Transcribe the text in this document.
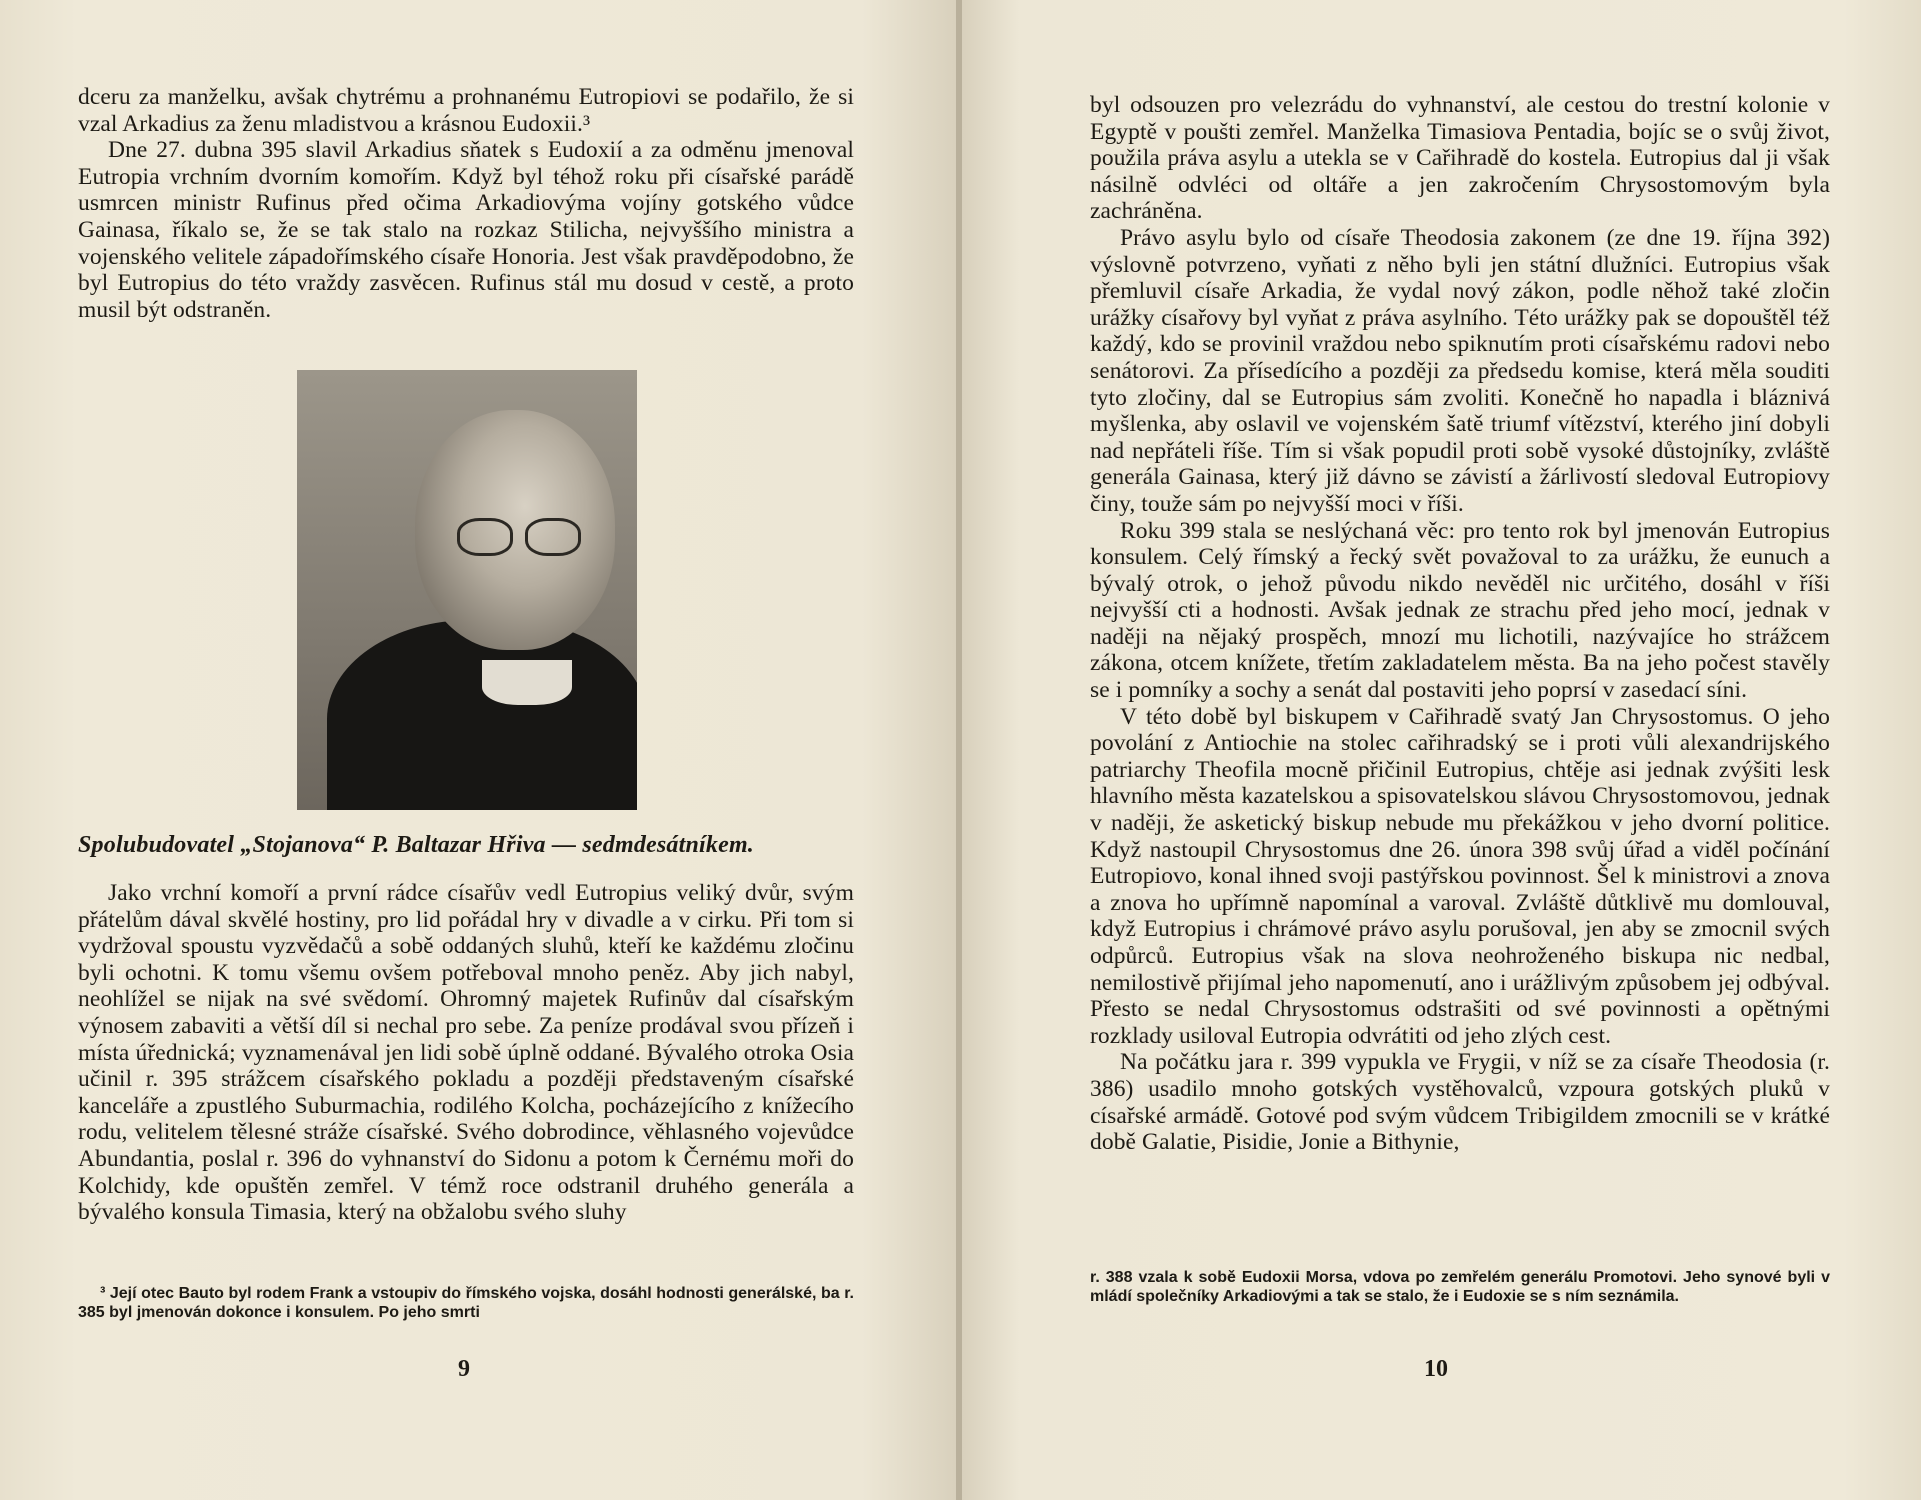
dceru za manželku, avšak chytrému a prohnanému Eutropiovi se podařilo, že si vzal Arkadius za ženu mladistvou a krásnou Eudoxii.³

Dne 27. dubna 395 slavil Arkadius sňatek s Eudoxií a za odměnu jmenoval Eutropia vrchním dvorním komořím. Když byl téhož roku při císařské parádě usmrcen ministr Rufinus před očima Arkadiovýma vojíny gotského vůdce Gainasa, říkalo se, že se tak stalo na rozkaz Stilicha, nejvyššího ministra a vojenského velitele západořímského císaře Honoria. Jest však pravděpodobno, že byl Eutropius do této vraždy zasvěcen. Rufinus stál mu dosud v cestě, a proto musil být odstraněn.

Spolubudovatel „Stojanova“ P. Baltazar Hřiva — sedmdesátníkem.

Jako vrchní komoří a první rádce císařův vedl Eutropius veliký dvůr, svým přátelům dával skvělé hostiny, pro lid pořádal hry v divadle a v cirku. Při tom si vydržoval spoustu vyzvědačů a sobě oddaných sluhů, kteří ke každému zločinu byli ochotni. K tomu všemu ovšem potřeboval mnoho peněz. Aby jich nabyl, neohlížel se nijak na své svědomí. Ohromný majetek Rufinův dal císařským výnosem zabaviti a větší díl si nechal pro sebe. Za peníze prodával svou přízeň i místa úřednická; vyznamenával jen lidi sobě úplně oddané. Bývalého otroka Osia učinil r. 395 strážcem císařského pokladu a později představeným císařské kanceláře a zpustlého Suburmachia, rodilého Kolcha, pocházejícího z knížecího rodu, velitelem tělesné stráže císařské. Svého dobrodince, věhlasného vojevůdce Abundantia, poslal r. 396 do vyhnanství do Sidonu a potom k Černému moři do Kolchidy, kde opuštěn zemřel. V témž roce odstranil druhého generála a bývalého konsula Timasia, který na obžalobu svého sluhy

³ Její otec Bauto byl rodem Frank a vstoupiv do římského vojska, dosáhl hodnosti generálské, ba r. 385 byl jmenován dokonce i konsulem. Po jeho smrti
9

byl odsouzen pro velezrádu do vyhnanství, ale cestou do trestní kolonie v Egyptě v poušti zemřel. Manželka Timasiova Pentadia, bojíc se o svůj život, použila práva asylu a utekla se v Cařihradě do kostela. Eutropius dal ji však násilně odvléci od oltáře a jen zakročením Chrysostomovým byla zachráněna.

Právo asylu bylo od císaře Theodosia zakonem (ze dne 19. října 392) výslovně potvrzeno, vyňati z něho byli jen státní dlužníci. Eutropius však přemluvil císaře Arkadia, že vydal nový zákon, podle něhož také zločin urážky císařovy byl vyňat z práva asylního. Této urážky pak se dopouštěl též každý, kdo se provinil vraždou nebo spiknutím proti císařskému radovi nebo senátorovi. Za přísedícího a později za předsedu komise, která měla souditi tyto zločiny, dal se Eutropius sám zvoliti. Konečně ho napadla i bláznivá myšlenka, aby oslavil ve vojenském šatě triumf vítězství, kterého jiní dobyli nad nepřáteli říše. Tím si však popudil proti sobě vysoké důstojníky, zvláště generála Gainasa, který již dávno se závistí a žárlivostí sledoval Eutropiovy činy, touže sám po nejvyšší moci v říši.

Roku 399 stala se neslýchaná věc: pro tento rok byl jmenován Eutropius konsulem. Celý římský a řecký svět považoval to za urážku, že eunuch a bývalý otrok, o jehož původu nikdo nevěděl nic určitého, dosáhl v říši nejvyšší cti a hodnosti. Avšak jednak ze strachu před jeho mocí, jednak v naději na nějaký prospěch, mnozí mu lichotili, nazývajíce ho strážcem zákona, otcem knížete, třetím zakladatelem města. Ba na jeho počest stavěly se i pomníky a sochy a senát dal postaviti jeho poprsí v zasedací síni.

V této době byl biskupem v Cařihradě svatý Jan Chrysostomus. O jeho povolání z Antiochie na stolec cařihradský se i proti vůli alexandrijského patriarchy Theofila mocně přičinil Eutropius, chtěje asi jednak zvýšiti lesk hlavního města kazatelskou a spisovatelskou slávou Chrysostomovou, jednak v naději, že asketický biskup nebude mu překážkou v jeho dvorní politice. Když nastoupil Chrysostomus dne 26. února 398 svůj úřad a viděl počínání Eutropiovo, konal ihned svoji pastýřskou povinnost. Šel k ministrovi a znova a znova ho upřímně napomínal a varoval. Zvláště důtklivě mu domlouval, když Eutropius i chrámové právo asylu porušoval, jen aby se zmocnil svých odpůrců. Eutropius však na slova neohroženého biskupa nic nedbal, nemilostivě přijímal jeho napomenutí, ano i urážlivým způsobem jej odbýval. Přesto se nedal Chrysostomus odstrašiti od své povinnosti a opětnými rozklady usiloval Eutropia odvrátiti od jeho zlých cest.

Na počátku jara r. 399 vypukla ve Frygii, v níž se za císaře Theodosia (r. 386) usadilo mnoho gotských vystěhovalců, vzpoura gotských pluků v císařské armádě. Gotové pod svým vůdcem Tribigildem zmocnili se v krátké době Galatie, Pisidie, Jonie a Bithynie,

r. 388 vzala k sobě Eudoxii Morsa, vdova po zemřelém generálu Promotovi. Jeho synové byli v mládí společníky Arkadiovými a tak se stalo, že i Eudoxie se s ním seznámila.
10
